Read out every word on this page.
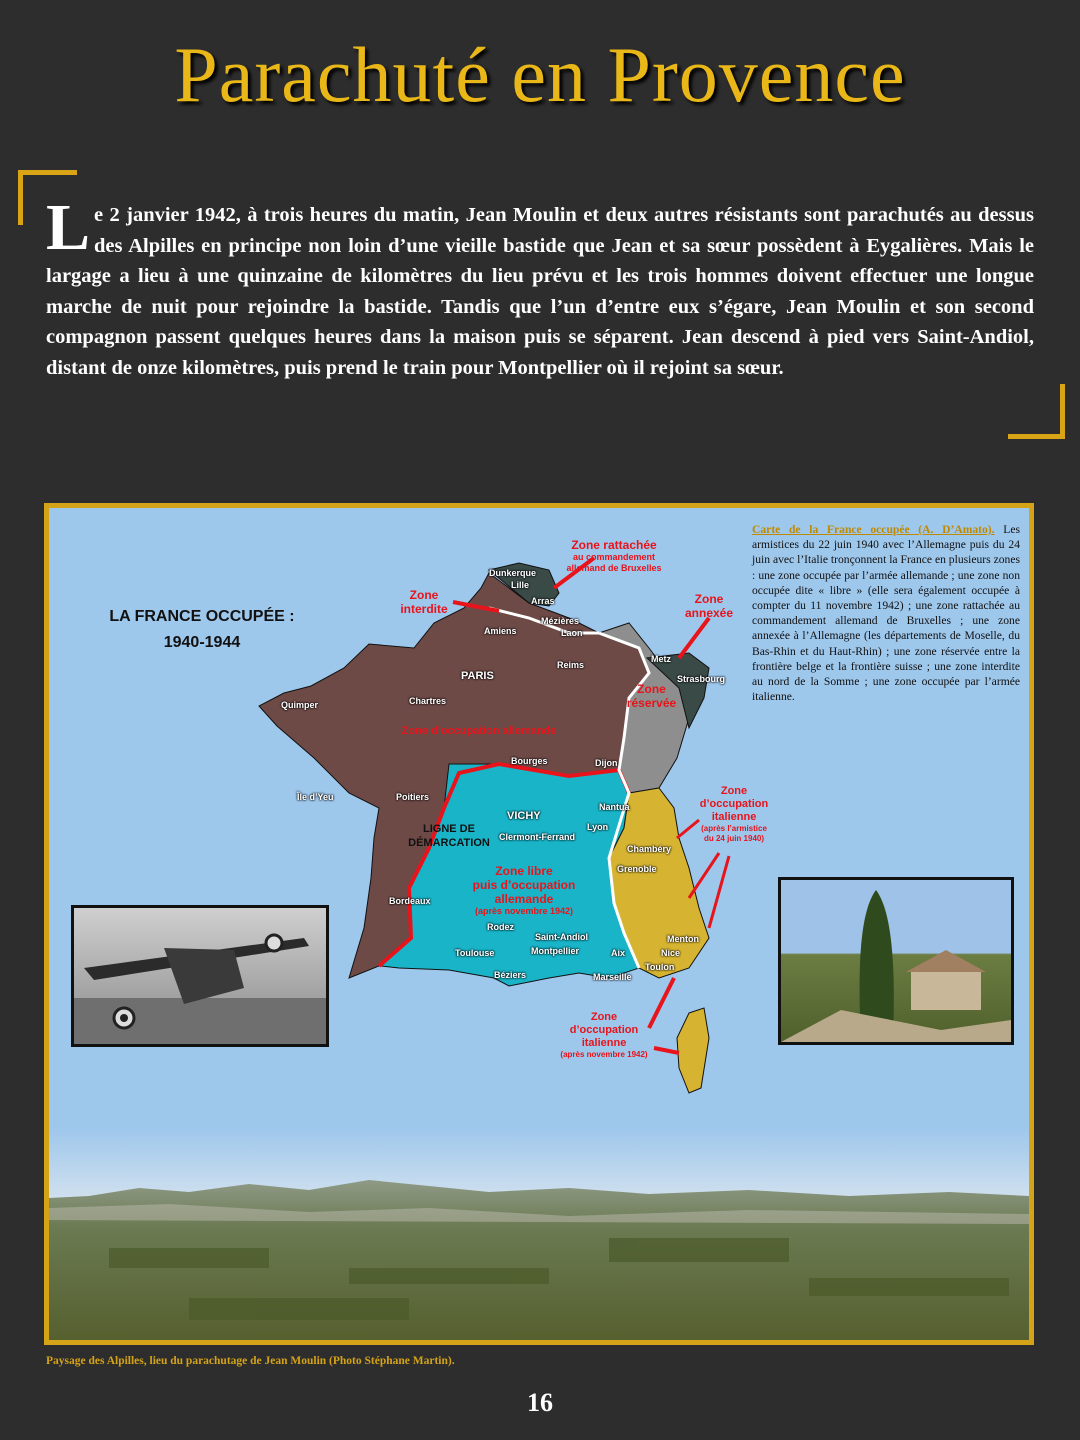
Parachuté en Provence

Le 2 janvier 1942, à trois heures du matin, Jean Moulin et deux autres résistants sont parachutés au dessus des Alpilles en principe non loin d’une vieille bastide que Jean et sa sœur possèdent à Eygalières. Mais le largage a lieu à une quinzaine de kilomètres du lieu prévu et les trois hommes doivent effectuer une longue marche de nuit pour rejoindre la bastide. Tandis que l’un d’entre eux s’égare, Jean Moulin et son second compagnon passent quelques heures dans la maison puis se séparent. Jean descend à pied vers Saint-Andiol, distant de onze kilomètres, puis prend le train pour Montpellier où il rejoint sa sœur.

LA FRANCE OCCUPÉE :
1940-1944
Zone rattachée
au commandement
allemand de Bruxelles
Zone
interdite
Zone
annexée
Zone
réservée
Zone d’occupation allemande
LIGNE DE
DÉMARCATION
Zone libre
puis d’occupation
allemande
(après novembre 1942)
Zone
d’occupation
italienne
(après l’armistice
du 24 juin 1940)
Zone
d’occupation
italienne
(après novembre 1942)
Dunkerque
Lille
Arras
Amiens
Mézières
Laon
Reims
Metz
Strasbourg
PARIS
Chartres
Quimper
Bourges	Dijon
Île d’Yeu	Poitiers
VICHY
Nantua
Lyon
Clermont-Ferrand
Chambéry
Grenoble
Bordeaux
Rodez
Saint-Andiol
Toulouse	Montpellier	Aix
Menton
Nice
Toulon
Béziers	Marseille

Carte de la France occupée (A. D’Amato). Les armistices du 22 juin 1940 avec l’Allemagne puis du 24 juin avec l’Italie tronçonnent la France en plusieurs zones : une zone occupée par l’armée allemande ; une zone non occupée dite « libre » (elle sera également occupée à compter du 11 novembre 1942) ; une zone rattachée au commandement allemand de Bruxelles ; une zone annexée à l’Allemagne (les départements de Moselle, du Bas-Rhin et du Haut-Rhin) ; une zone réservée entre la frontière belge et la frontière suisse ; une zone interdite au nord de la Somme ; une zone occupée par l’armée italienne.

Paysage des Alpilles, lieu du parachutage de Jean Moulin (Photo Stéphane Martin).
16
